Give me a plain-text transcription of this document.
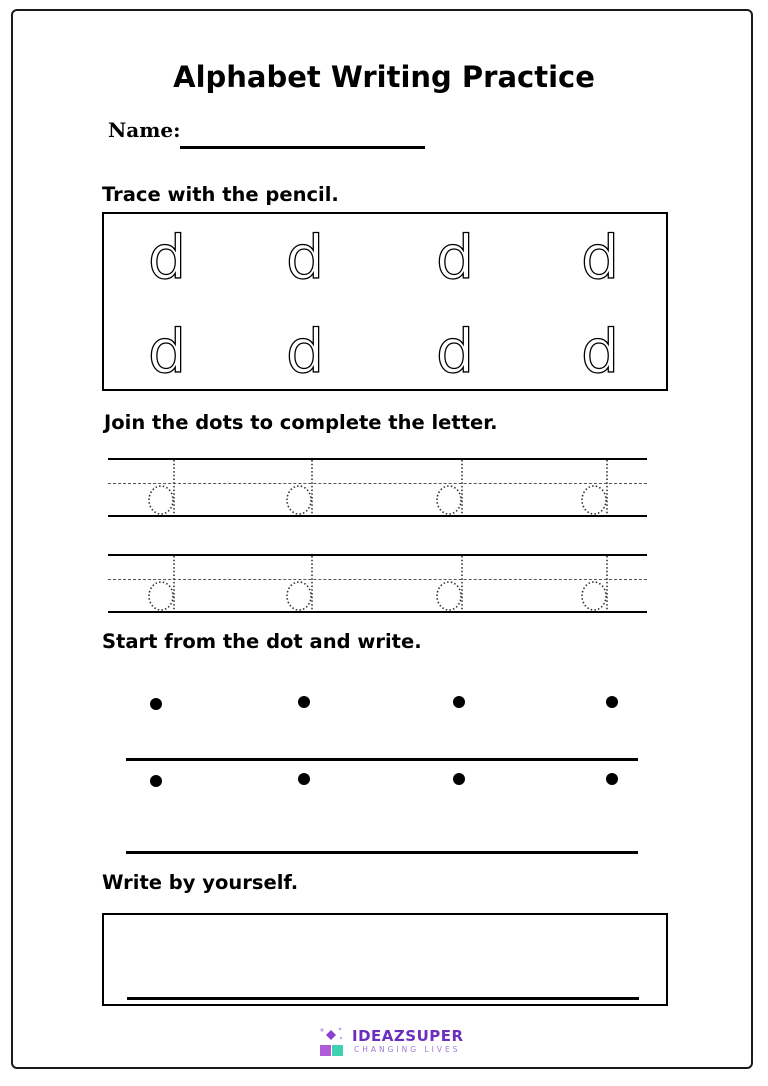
Alphabet Writing Practice
Name:
Trace with the pencil.
d	d	d	d
d	d	d	d
Join the dots to complete the letter.
Start from the dot and write.
Write by yourself.
IDEAZSUPER
CHANGING LIVES
